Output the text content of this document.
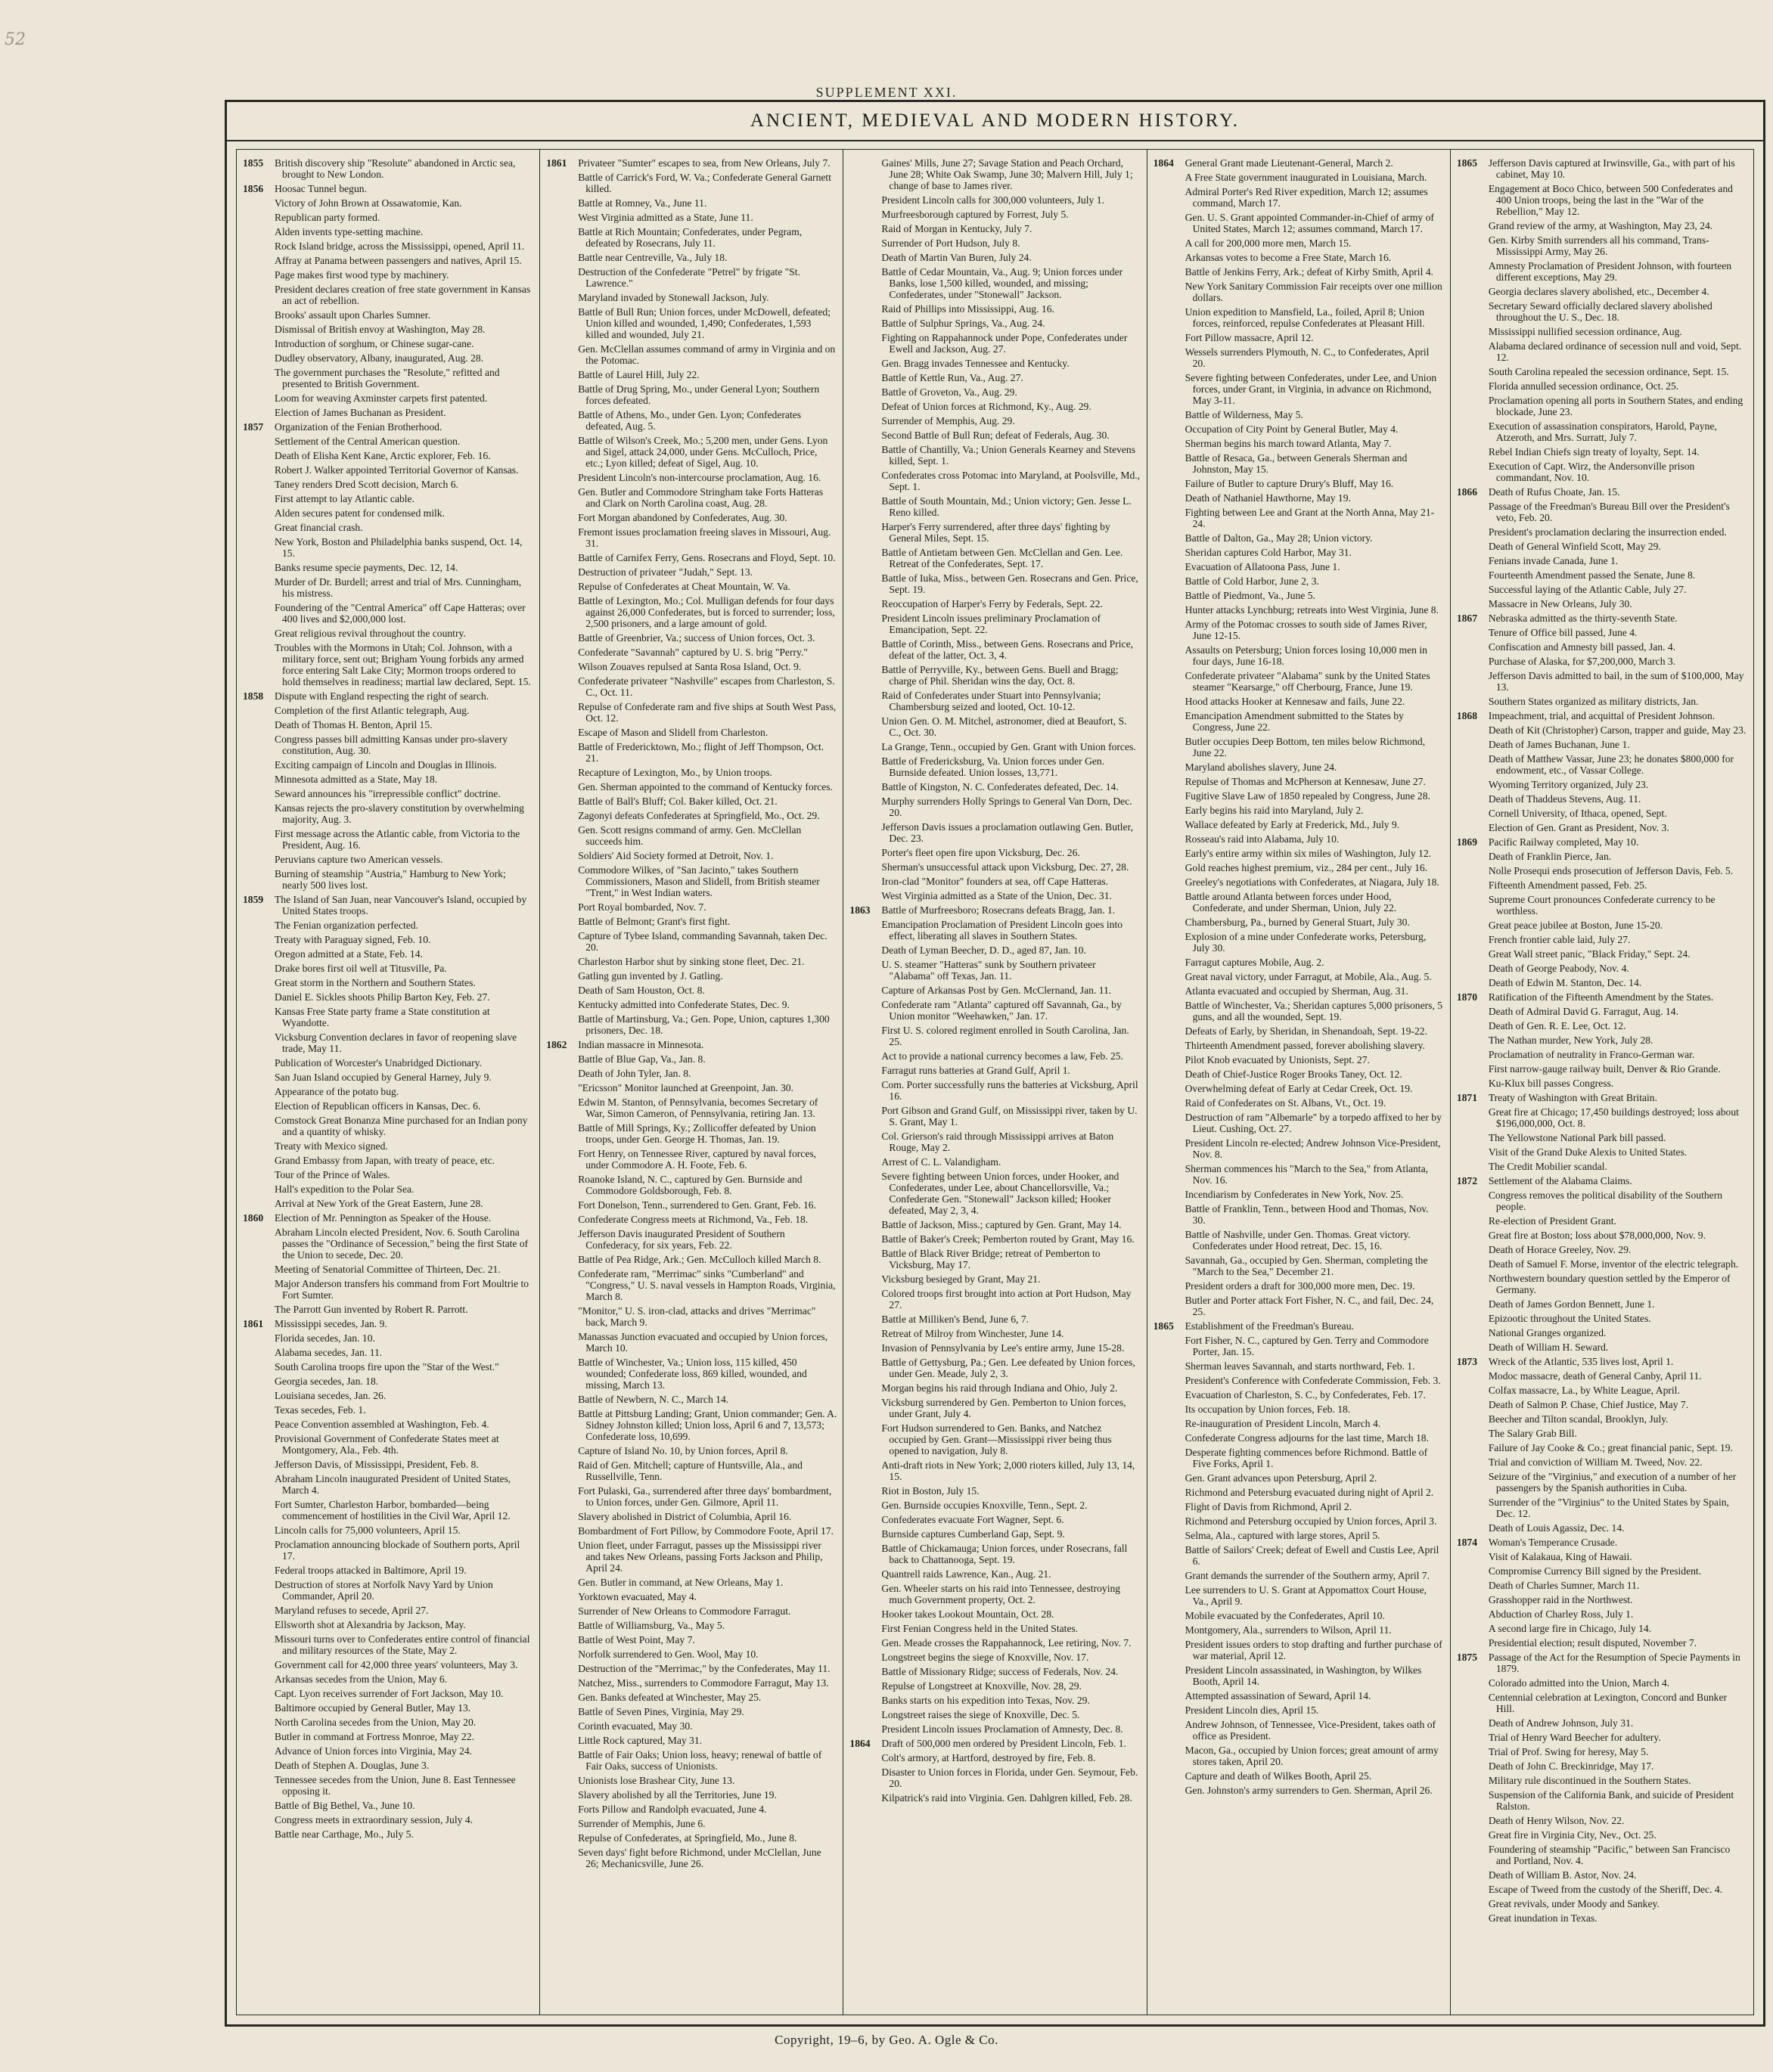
52
SUPPLEMENT XXI.
ANCIENT, MEDIEVAL AND MODERN HISTORY.
1855	British discovery ship "Resolute" abandoned in Arctic sea, brought to New London.
1856	Hoosac Tunnel begun.
Victory of John Brown at Ossawatomie, Kan.
Republican party formed.
Alden invents type-setting machine.
Rock Island bridge, across the Mississippi, opened, April 11.
Affray at Panama between passengers and natives, April 15.
Page makes first wood type by machinery.
President declares creation of free state government in Kansas an act of rebellion.
Brooks' assault upon Charles Sumner.
Dismissal of British envoy at Washington, May 28.
Introduction of sorghum, or Chinese sugar-cane.
Dudley observatory, Albany, inaugurated, Aug. 28.
The government purchases the "Resolute," refitted and presented to British Government.
Loom for weaving Axminster carpets first patented.
Election of James Buchanan as President.
1857	Organization of the Fenian Brotherhood.
Settlement of the Central American question.
Death of Elisha Kent Kane, Arctic explorer, Feb. 16.
Robert J. Walker appointed Territorial Governor of Kansas.
Taney renders Dred Scott decision, March 6.
First attempt to lay Atlantic cable.
Alden secures patent for condensed milk.
Great financial crash.
New York, Boston and Philadelphia banks suspend, Oct. 14, 15.
Banks resume specie payments, Dec. 12, 14.
Murder of Dr. Burdell; arrest and trial of Mrs. Cunningham, his mistress.
Foundering of the "Central America" off Cape Hatteras; over 400 lives and $2,000,000 lost.
Great religious revival throughout the country.
Troubles with the Mormons in Utah; Col. Johnson, with a military force, sent out; Brigham Young forbids any armed force entering Salt Lake City; Mormon troops ordered to hold themselves in readiness; martial law declared, Sept. 15.
1858	Dispute with England respecting the right of search.
Completion of the first Atlantic telegraph, Aug.
Death of Thomas H. Benton, April 15.
Congress passes bill admitting Kansas under pro-slavery constitution, Aug. 30.
Exciting campaign of Lincoln and Douglas in Illinois.
Minnesota admitted as a State, May 18.
Seward announces his "irrepressible conflict" doctrine.
Kansas rejects the pro-slavery constitution by overwhelming majority, Aug. 3.
First message across the Atlantic cable, from Victoria to the President, Aug. 16.
Peruvians capture two American vessels.
Burning of steamship "Austria," Hamburg to New York; nearly 500 lives lost.
1859	The Island of San Juan, near Vancouver's Island, occupied by United States troops.
The Fenian organization perfected.
Treaty with Paraguay signed, Feb. 10.
Oregon admitted at a State, Feb. 14.
Drake bores first oil well at Titusville, Pa.
Great storm in the Northern and Southern States.
Daniel E. Sickles shoots Philip Barton Key, Feb. 27.
Kansas Free State party frame a State constitution at Wyandotte.
Vicksburg Convention declares in favor of reopening slave trade, May 11.
Publication of Worcester's Unabridged Dictionary.
San Juan Island occupied by General Harney, July 9.
Appearance of the potato bug.
Election of Republican officers in Kansas, Dec. 6.
Comstock Great Bonanza Mine purchased for an Indian pony and a quantity of whisky.
Treaty with Mexico signed.
Grand Embassy from Japan, with treaty of peace, etc.
Tour of the Prince of Wales.
Hall's expedition to the Polar Sea.
Arrival at New York of the Great Eastern, June 28.
1860	Election of Mr. Pennington as Speaker of the House.
Abraham Lincoln elected President, Nov. 6. South Carolina passes the "Ordinance of Secession," being the first State of the Union to secede, Dec. 20.
Meeting of Senatorial Committee of Thirteen, Dec. 21.
Major Anderson transfers his command from Fort Moultrie to Fort Sumter.
The Parrott Gun invented by Robert R. Parrott.
1861	Mississippi secedes, Jan. 9.
Florida secedes, Jan. 10.
Alabama secedes, Jan. 11.
South Carolina troops fire upon the "Star of the West."
Georgia secedes, Jan. 18.
Louisiana secedes, Jan. 26.
Texas secedes, Feb. 1.
Peace Convention assembled at Washington, Feb. 4.
Provisional Government of Confederate States meet at Montgomery, Ala., Feb. 4th.
Jefferson Davis, of Mississippi, President, Feb. 8.
Abraham Lincoln inaugurated President of United States, March 4.
Fort Sumter, Charleston Harbor, bombarded—being commencement of hostilities in the Civil War, April 12.
Lincoln calls for 75,000 volunteers, April 15.
Proclamation announcing blockade of Southern ports, April 17.
Federal troops attacked in Baltimore, April 19.
Destruction of stores at Norfolk Navy Yard by Union Commander, April 20.
Maryland refuses to secede, April 27.
Ellsworth shot at Alexandria by Jackson, May.
Missouri turns over to Confederates entire control of financial and military resources of the State, May 2.
Government call for 42,000 three years' volunteers, May 3.
Arkansas secedes from the Union, May 6.
Capt. Lyon receives surrender of Fort Jackson, May 10.
Baltimore occupied by General Butler, May 13.
North Carolina secedes from the Union, May 20.
Butler in command at Fortress Monroe, May 22.
Advance of Union forces into Virginia, May 24.
Death of Stephen A. Douglas, June 3.
Tennessee secedes from the Union, June 8. East Tennessee opposing it.
Battle of Big Bethel, Va., June 10.
Congress meets in extraordinary session, July 4.
Battle near Carthage, Mo., July 5.
1861	Privateer "Sumter" escapes to sea, from New Orleans, July 7.
Battle of Carrick's Ford, W. Va.; Confederate General Garnett killed.
Battle at Romney, Va., June 11.
West Virginia admitted as a State, June 11.
Battle at Rich Mountain; Confederates, under Pegram, defeated by Rosecrans, July 11.
Battle near Centreville, Va., July 18.
Destruction of the Confederate "Petrel" by frigate "St. Lawrence."
Maryland invaded by Stonewall Jackson, July.
Battle of Bull Run; Union forces, under McDowell, defeated; Union killed and wounded, 1,490; Confederates, 1,593 killed and wounded, July 21.
Gen. McClellan assumes command of army in Virginia and on the Potomac.
Battle of Laurel Hill, July 22.
Battle of Drug Spring, Mo., under General Lyon; Southern forces defeated.
Battle of Athens, Mo., under Gen. Lyon; Confederates defeated, Aug. 5.
Battle of Wilson's Creek, Mo.; 5,200 men, under Gens. Lyon and Sigel, attack 24,000, under Gens. McCulloch, Price, etc.; Lyon killed; defeat of Sigel, Aug. 10.
President Lincoln's non-intercourse proclamation, Aug. 16.
Gen. Butler and Commodore Stringham take Forts Hatteras and Clark on North Carolina coast, Aug. 28.
Fort Morgan abandoned by Confederates, Aug. 30.
Fremont issues proclamation freeing slaves in Missouri, Aug. 31.
Battle of Carnifex Ferry, Gens. Rosecrans and Floyd, Sept. 10.
Destruction of privateer "Judah," Sept. 13.
Repulse of Confederates at Cheat Mountain, W. Va.
Battle of Lexington, Mo.; Col. Mulligan defends for four days against 26,000 Confederates, but is forced to surrender; loss, 2,500 prisoners, and a large amount of gold.
Battle of Greenbrier, Va.; success of Union forces, Oct. 3.
Confederate "Savannah" captured by U. S. brig "Perry."
Wilson Zouaves repulsed at Santa Rosa Island, Oct. 9.
Confederate privateer "Nashville" escapes from Charleston, S. C., Oct. 11.
Repulse of Confederate ram and five ships at South West Pass, Oct. 12.
Escape of Mason and Slidell from Charleston.
Battle of Fredericktown, Mo.; flight of Jeff Thompson, Oct. 21.
Recapture of Lexington, Mo., by Union troops.
Gen. Sherman appointed to the command of Kentucky forces.
Battle of Ball's Bluff; Col. Baker killed, Oct. 21.
Zagonyi defeats Confederates at Springfield, Mo., Oct. 29.
Gen. Scott resigns command of army. Gen. McClellan succeeds him.
Soldiers' Aid Society formed at Detroit, Nov. 1.
Commodore Wilkes, of "San Jacinto," takes Southern Commissioners, Mason and Slidell, from British steamer "Trent," in West Indian waters.
Port Royal bombarded, Nov. 7.
Battle of Belmont; Grant's first fight.
Capture of Tybee Island, commanding Savannah, taken Dec. 20.
Charleston Harbor shut by sinking stone fleet, Dec. 21.
Gatling gun invented by J. Gatling.
Death of Sam Houston, Oct. 8.
Kentucky admitted into Confederate States, Dec. 9.
Battle of Martinsburg, Va.; Gen. Pope, Union, captures 1,300 prisoners, Dec. 18.
1862	Indian massacre in Minnesota.
Battle of Blue Gap, Va., Jan. 8.
Death of John Tyler, Jan. 8.
"Ericsson" Monitor launched at Greenpoint, Jan. 30.
Edwin M. Stanton, of Pennsylvania, becomes Secretary of War, Simon Cameron, of Pennsylvania, retiring Jan. 13.
Battle of Mill Springs, Ky.; Zollicoffer defeated by Union troops, under Gen. George H. Thomas, Jan. 19.
Fort Henry, on Tennessee River, captured by naval forces, under Commodore A. H. Foote, Feb. 6.
Roanoke Island, N. C., captured by Gen. Burnside and Commodore Goldsborough, Feb. 8.
Fort Donelson, Tenn., surrendered to Gen. Grant, Feb. 16.
Confederate Congress meets at Richmond, Va., Feb. 18.
Jefferson Davis inaugurated President of Southern Confederacy, for six years, Feb. 22.
Battle of Pea Ridge, Ark.; Gen. McCulloch killed March 8.
Confederate ram, "Merrimac" sinks "Cumberland" and "Congress," U. S. naval vessels in Hampton Roads, Virginia, March 8.
"Monitor," U. S. iron-clad, attacks and drives "Merrimac" back, March 9.
Manassas Junction evacuated and occupied by Union forces, March 10.
Battle of Winchester, Va.; Union loss, 115 killed, 450 wounded; Confederate loss, 869 killed, wounded, and missing, March 13.
Battle of Newbern, N. C., March 14.
Battle at Pittsburg Landing; Grant, Union commander; Gen. A. Sidney Johnston killed; Union loss, April 6 and 7, 13,573; Confederate loss, 10,699.
Capture of Island No. 10, by Union forces, April 8.
Raid of Gen. Mitchell; capture of Huntsville, Ala., and Russellville, Tenn.
Fort Pulaski, Ga., surrendered after three days' bombardment, to Union forces, under Gen. Gilmore, April 11.
Slavery abolished in District of Columbia, April 16.
Bombardment of Fort Pillow, by Commodore Foote, April 17.
Union fleet, under Farragut, passes up the Mississippi river and takes New Orleans, passing Forts Jackson and Philip, April 24.
Gen. Butler in command, at New Orleans, May 1.
Yorktown evacuated, May 4.
Surrender of New Orleans to Commodore Farragut.
Battle of Williamsburg, Va., May 5.
Battle of West Point, May 7.
Norfolk surrendered to Gen. Wool, May 10.
Destruction of the "Merrimac," by the Confederates, May 11.
Natchez, Miss., surrenders to Commodore Farragut, May 13.
Gen. Banks defeated at Winchester, May 25.
Battle of Seven Pines, Virginia, May 29.
Corinth evacuated, May 30.
Little Rock captured, May 31.
Battle of Fair Oaks; Union loss, heavy; renewal of battle of Fair Oaks, success of Unionists.
Unionists lose Brashear City, June 13.
Slavery abolished by all the Territories, June 19.
Forts Pillow and Randolph evacuated, June 4.
Surrender of Memphis, June 6.
Repulse of Confederates, at Springfield, Mo., June 8.
Seven days' fight before Richmond, under McClellan, June 26; Mechanicsville, June 26.
Gaines' Mills, June 27; Savage Station and Peach Orchard, June 28; White Oak Swamp, June 30; Malvern Hill, July 1; change of base to James river.
President Lincoln calls for 300,000 volunteers, July 1.
Murfreesborough captured by Forrest, July 5.
Raid of Morgan in Kentucky, July 7.
Surrender of Port Hudson, July 8.
Death of Martin Van Buren, July 24.
Battle of Cedar Mountain, Va., Aug. 9; Union forces under Banks, lose 1,500 killed, wounded, and missing; Confederates, under "Stonewall" Jackson.
Raid of Phillips into Mississippi, Aug. 16.
Battle of Sulphur Springs, Va., Aug. 24.
Fighting on Rappahannock under Pope, Confederates under Ewell and Jackson, Aug. 27.
Gen. Bragg invades Tennessee and Kentucky.
Battle of Kettle Run, Va., Aug. 27.
Battle of Groveton, Va., Aug. 29.
Defeat of Union forces at Richmond, Ky., Aug. 29.
Surrender of Memphis, Aug. 29.
Second Battle of Bull Run; defeat of Federals, Aug. 30.
Battle of Chantilly, Va.; Union Generals Kearney and Stevens killed, Sept. 1.
Confederates cross Potomac into Maryland, at Poolsville, Md., Sept. 1.
Battle of South Mountain, Md.; Union victory; Gen. Jesse L. Reno killed.
Harper's Ferry surrendered, after three days' fighting by General Miles, Sept. 15.
Battle of Antietam between Gen. McClellan and Gen. Lee. Retreat of the Confederates, Sept. 17.
Battle of Iuka, Miss., between Gen. Rosecrans and Gen. Price, Sept. 19.
Reoccupation of Harper's Ferry by Federals, Sept. 22.
President Lincoln issues preliminary Proclamation of Emancipation, Sept. 22.
Battle of Corinth, Miss., between Gens. Rosecrans and Price, defeat of the latter, Oct. 3, 4.
Battle of Perryville, Ky., between Gens. Buell and Bragg; charge of Phil. Sheridan wins the day, Oct. 8.
Raid of Confederates under Stuart into Pennsylvania; Chambersburg seized and looted, Oct. 10-12.
Union Gen. O. M. Mitchel, astronomer, died at Beaufort, S. C., Oct. 30.
La Grange, Tenn., occupied by Gen. Grant with Union forces.
Battle of Fredericksburg, Va. Union forces under Gen. Burnside defeated. Union losses, 13,771.
Battle of Kingston, N. C. Confederates defeated, Dec. 14.
Murphy surrenders Holly Springs to General Van Dorn, Dec. 20.
Jefferson Davis issues a proclamation outlawing Gen. Butler, Dec. 23.
Porter's fleet open fire upon Vicksburg, Dec. 26.
Sherman's unsuccessful attack upon Vicksburg, Dec. 27, 28.
Iron-clad "Monitor" founders at sea, off Cape Hatteras.
West Virginia admitted as a State of the Union, Dec. 31.
1863	Battle of Murfreesboro; Rosecrans defeats Bragg, Jan. 1.
Emancipation Proclamation of President Lincoln goes into effect, liberating all slaves in Southern States.
Death of Lyman Beecher, D. D., aged 87, Jan. 10.
U. S. steamer "Hatteras" sunk by Southern privateer "Alabama" off Texas, Jan. 11.
Capture of Arkansas Post by Gen. McClernand, Jan. 11.
Confederate ram "Atlanta" captured off Savannah, Ga., by Union monitor "Weehawken," Jan. 17.
First U. S. colored regiment enrolled in South Carolina, Jan. 25.
Act to provide a national currency becomes a law, Feb. 25.
Farragut runs batteries at Grand Gulf, April 1.
Com. Porter successfully runs the batteries at Vicksburg, April 16.
Port Gibson and Grand Gulf, on Mississippi river, taken by U. S. Grant, May 1.
Col. Grierson's raid through Mississippi arrives at Baton Rouge, May 2.
Arrest of C. L. Valandigham.
Severe fighting between Union forces, under Hooker, and Confederates, under Lee, about Chancellorsville, Va.; Confederate Gen. "Stonewall" Jackson killed; Hooker defeated, May 2, 3, 4.
Battle of Jackson, Miss.; captured by Gen. Grant, May 14.
Battle of Baker's Creek; Pemberton routed by Grant, May 16.
Battle of Black River Bridge; retreat of Pemberton to Vicksburg, May 17.
Vicksburg besieged by Grant, May 21.
Colored troops first brought into action at Port Hudson, May 27.
Battle at Milliken's Bend, June 6, 7.
Retreat of Milroy from Winchester, June 14.
Invasion of Pennsylvania by Lee's entire army, June 15-28.
Battle of Gettysburg, Pa.; Gen. Lee defeated by Union forces, under Gen. Meade, July 2, 3.
Morgan begins his raid through Indiana and Ohio, July 2.
Vicksburg surrendered by Gen. Pemberton to Union forces, under Grant, July 4.
Fort Hudson surrendered to Gen. Banks, and Natchez occupied by Gen. Grant—Mississippi river being thus opened to navigation, July 8.
Anti-draft riots in New York; 2,000 rioters killed, July 13, 14, 15.
Riot in Boston, July 15.
Gen. Burnside occupies Knoxville, Tenn., Sept. 2.
Confederates evacuate Fort Wagner, Sept. 6.
Burnside captures Cumberland Gap, Sept. 9.
Battle of Chickamauga; Union forces, under Rosecrans, fall back to Chattanooga, Sept. 19.
Quantrell raids Lawrence, Kan., Aug. 21.
Gen. Wheeler starts on his raid into Tennessee, destroying much Government property, Oct. 2.
Hooker takes Lookout Mountain, Oct. 28.
First Fenian Congress held in the United States.
Gen. Meade crosses the Rappahannock, Lee retiring, Nov. 7.
Longstreet begins the siege of Knoxville, Nov. 17.
Battle of Missionary Ridge; success of Federals, Nov. 24.
Repulse of Longstreet at Knoxville, Nov. 28, 29.
Banks starts on his expedition into Texas, Nov. 29.
Longstreet raises the siege of Knoxville, Dec. 5.
President Lincoln issues Proclamation of Amnesty, Dec. 8.
1864	Draft of 500,000 men ordered by President Lincoln, Feb. 1.
Colt's armory, at Hartford, destroyed by fire, Feb. 8.
Disaster to Union forces in Florida, under Gen. Seymour, Feb. 20.
Kilpatrick's raid into Virginia. Gen. Dahlgren killed, Feb. 28.
1864	General Grant made Lieutenant-General, March 2.
A Free State government inaugurated in Louisiana, March.
Admiral Porter's Red River expedition, March 12; assumes command, March 17.
Gen. U. S. Grant appointed Commander-in-Chief of army of United States, March 12; assumes command, March 17.
A call for 200,000 more men, March 15.
Arkansas votes to become a Free State, March 16.
Battle of Jenkins Ferry, Ark.; defeat of Kirby Smith, April 4.
New York Sanitary Commission Fair receipts over one million dollars.
Union expedition to Mansfield, La., foiled, April 8; Union forces, reinforced, repulse Confederates at Pleasant Hill.
Fort Pillow massacre, April 12.
Wessels surrenders Plymouth, N. C., to Confederates, April 20.
Severe fighting between Confederates, under Lee, and Union forces, under Grant, in Virginia, in advance on Richmond, May 3-11.
Battle of Wilderness, May 5.
Occupation of City Point by General Butler, May 4.
Sherman begins his march toward Atlanta, May 7.
Battle of Resaca, Ga., between Generals Sherman and Johnston, May 15.
Failure of Butler to capture Drury's Bluff, May 16.
Death of Nathaniel Hawthorne, May 19.
Fighting between Lee and Grant at the North Anna, May 21-24.
Battle of Dalton, Ga., May 28; Union victory.
Sheridan captures Cold Harbor, May 31.
Evacuation of Allatoona Pass, June 1.
Battle of Cold Harbor, June 2, 3.
Battle of Piedmont, Va., June 5.
Hunter attacks Lynchburg; retreats into West Virginia, June 8.
Army of the Potomac crosses to south side of James River, June 12-15.
Assaults on Petersburg; Union forces losing 10,000 men in four days, June 16-18.
Confederate privateer "Alabama" sunk by the United States steamer "Kearsarge," off Cherbourg, France, June 19.
Hood attacks Hooker at Kennesaw and fails, June 22.
Emancipation Amendment submitted to the States by Congress, June 22.
Butler occupies Deep Bottom, ten miles below Richmond, June 22.
Maryland abolishes slavery, June 24.
Repulse of Thomas and McPherson at Kennesaw, June 27.
Fugitive Slave Law of 1850 repealed by Congress, June 28.
Early begins his raid into Maryland, July 2.
Wallace defeated by Early at Frederick, Md., July 9.
Rosseau's raid into Alabama, July 10.
Early's entire army within six miles of Washington, July 12.
Gold reaches highest premium, viz., 284 per cent., July 16.
Greeley's negotiations with Confederates, at Niagara, July 18.
Battle around Atlanta between forces under Hood, Confederate, and under Sherman, Union, July 22.
Chambersburg, Pa., burned by General Stuart, July 30.
Explosion of a mine under Confederate works, Petersburg, July 30.
Farragut captures Mobile, Aug. 2.
Great naval victory, under Farragut, at Mobile, Ala., Aug. 5.
Atlanta evacuated and occupied by Sherman, Aug. 31.
Battle of Winchester, Va.; Sheridan captures 5,000 prisoners, 5 guns, and all the wounded, Sept. 19.
Defeats of Early, by Sheridan, in Shenandoah, Sept. 19-22.
Thirteenth Amendment passed, forever abolishing slavery.
Pilot Knob evacuated by Unionists, Sept. 27.
Death of Chief-Justice Roger Brooks Taney, Oct. 12.
Overwhelming defeat of Early at Cedar Creek, Oct. 19.
Raid of Confederates on St. Albans, Vt., Oct. 19.
Destruction of ram "Albemarle" by a torpedo affixed to her by Lieut. Cushing, Oct. 27.
President Lincoln re-elected; Andrew Johnson Vice-President, Nov. 8.
Sherman commences his "March to the Sea," from Atlanta, Nov. 16.
Incendiarism by Confederates in New York, Nov. 25.
Battle of Franklin, Tenn., between Hood and Thomas, Nov. 30.
Battle of Nashville, under Gen. Thomas. Great victory. Confederates under Hood retreat, Dec. 15, 16.
Savannah, Ga., occupied by Gen. Sherman, completing the "March to the Sea," December 21.
President orders a draft for 300,000 more men, Dec. 19.
Butler and Porter attack Fort Fisher, N. C., and fail, Dec. 24, 25.
1865	Establishment of the Freedman's Bureau.
Fort Fisher, N. C., captured by Gen. Terry and Commodore Porter, Jan. 15.
Sherman leaves Savannah, and starts northward, Feb. 1.
President's Conference with Confederate Commission, Feb. 3.
Evacuation of Charleston, S. C., by Confederates, Feb. 17.
Its occupation by Union forces, Feb. 18.
Re-inauguration of President Lincoln, March 4.
Confederate Congress adjourns for the last time, March 18.
Desperate fighting commences before Richmond. Battle of Five Forks, April 1.
Gen. Grant advances upon Petersburg, April 2.
Richmond and Petersburg evacuated during night of April 2.
Flight of Davis from Richmond, April 2.
Richmond and Petersburg occupied by Union forces, April 3.
Selma, Ala., captured with large stores, April 5.
Battle of Sailors' Creek; defeat of Ewell and Custis Lee, April 6.
Grant demands the surrender of the Southern army, April 7.
Lee surrenders to U. S. Grant at Appomattox Court House, Va., April 9.
Mobile evacuated by the Confederates, April 10.
Montgomery, Ala., surrenders to Wilson, April 11.
President issues orders to stop drafting and further purchase of war material, April 12.
President Lincoln assassinated, in Washington, by Wilkes Booth, April 14.
Attempted assassination of Seward, April 14.
President Lincoln dies, April 15.
Andrew Johnson, of Tennessee, Vice-President, takes oath of office as President.
Macon, Ga., occupied by Union forces; great amount of army stores taken, April 20.
Capture and death of Wilkes Booth, April 25.
Gen. Johnston's army surrenders to Gen. Sherman, April 26.
1865	Jefferson Davis captured at Irwinsville, Ga., with part of his cabinet, May 10.
Engagement at Boco Chico, between 500 Confederates and 400 Union troops, being the last in the "War of the Rebellion," May 12.
Grand review of the army, at Washington, May 23, 24.
Gen. Kirby Smith surrenders all his command, Trans-Mississippi Army, May 26.
Amnesty Proclamation of President Johnson, with fourteen different exceptions, May 29.
Georgia declares slavery abolished, etc., December 4.
Secretary Seward officially declared slavery abolished throughout the U. S., Dec. 18.
Mississippi nullified secession ordinance, Aug.
Alabama declared ordinance of secession null and void, Sept. 12.
South Carolina repealed the secession ordinance, Sept. 15.
Florida annulled secession ordinance, Oct. 25.
Proclamation opening all ports in Southern States, and ending blockade, June 23.
Execution of assassination conspirators, Harold, Payne, Atzeroth, and Mrs. Surratt, July 7.
Rebel Indian Chiefs sign treaty of loyalty, Sept. 14.
Execution of Capt. Wirz, the Andersonville prison commandant, Nov. 10.
1866	Death of Rufus Choate, Jan. 15.
Passage of the Freedman's Bureau Bill over the President's veto, Feb. 20.
President's proclamation declaring the insurrection ended.
Death of General Winfield Scott, May 29.
Fenians invade Canada, June 1.
Fourteenth Amendment passed the Senate, June 8.
Successful laying of the Atlantic Cable, July 27.
Massacre in New Orleans, July 30.
1867	Nebraska admitted as the thirty-seventh State.
Tenure of Office bill passed, June 4.
Confiscation and Amnesty bill passed, Jan. 4.
Purchase of Alaska, for $7,200,000, March 3.
Jefferson Davis admitted to bail, in the sum of $100,000, May 13.
Southern States organized as military districts, Jan.
1868	Impeachment, trial, and acquittal of President Johnson.
Death of Kit (Christopher) Carson, trapper and guide, May 23.
Death of James Buchanan, June 1.
Death of Matthew Vassar, June 23; he donates $800,000 for endowment, etc., of Vassar College.
Wyoming Territory organized, July 23.
Death of Thaddeus Stevens, Aug. 11.
Cornell University, of Ithaca, opened, Sept.
Election of Gen. Grant as President, Nov. 3.
1869	Pacific Railway completed, May 10.
Death of Franklin Pierce, Jan.
Nolle Prosequi ends prosecution of Jefferson Davis, Feb. 5.
Fifteenth Amendment passed, Feb. 25.
Supreme Court pronounces Confederate currency to be worthless.
Great peace jubilee at Boston, June 15-20.
French frontier cable laid, July 27.
Great Wall street panic, "Black Friday," Sept. 24.
Death of George Peabody, Nov. 4.
Death of Edwin M. Stanton, Dec. 14.
1870	Ratification of the Fifteenth Amendment by the States.
Death of Admiral David G. Farragut, Aug. 14.
Death of Gen. R. E. Lee, Oct. 12.
The Nathan murder, New York, July 28.
Proclamation of neutrality in Franco-German war.
First narrow-gauge railway built, Denver & Rio Grande.
Ku-Klux bill passes Congress.
1871	Treaty of Washington with Great Britain.
Great fire at Chicago; 17,450 buildings destroyed; loss about $196,000,000, Oct. 8.
The Yellowstone National Park bill passed.
Visit of the Grand Duke Alexis to United States.
The Credit Mobilier scandal.
1872	Settlement of the Alabama Claims.
Congress removes the political disability of the Southern people.
Re-election of President Grant.
Great fire at Boston; loss about $78,000,000, Nov. 9.
Death of Horace Greeley, Nov. 29.
Death of Samuel F. Morse, inventor of the electric telegraph.
Northwestern boundary question settled by the Emperor of Germany.
Death of James Gordon Bennett, June 1.
Epizootic throughout the United States.
National Granges organized.
Death of William H. Seward.
1873	Wreck of the Atlantic, 535 lives lost, April 1.
Modoc massacre, death of General Canby, April 11.
Colfax massacre, La., by White League, April.
Death of Salmon P. Chase, Chief Justice, May 7.
Beecher and Tilton scandal, Brooklyn, July.
The Salary Grab Bill.
Failure of Jay Cooke & Co.; great financial panic, Sept. 19.
Trial and conviction of William M. Tweed, Nov. 22.
Seizure of the "Virginius," and execution of a number of her passengers by the Spanish authorities in Cuba.
Surrender of the "Virginius" to the United States by Spain, Dec. 12.
Death of Louis Agassiz, Dec. 14.
1874	Woman's Temperance Crusade.
Visit of Kalakaua, King of Hawaii.
Compromise Currency Bill signed by the President.
Death of Charles Sumner, March 11.
Grasshopper raid in the Northwest.
Abduction of Charley Ross, July 1.
A second large fire in Chicago, July 14.
Presidential election; result disputed, November 7.
1875	Passage of the Act for the Resumption of Specie Payments in 1879.
Colorado admitted into the Union, March 4.
Centennial celebration at Lexington, Concord and Bunker Hill.
Death of Andrew Johnson, July 31.
Trial of Henry Ward Beecher for adultery.
Trial of Prof. Swing for heresy, May 5.
Death of John C. Breckinridge, May 17.
Military rule discontinued in the Southern States.
Suspension of the California Bank, and suicide of President Ralston.
Death of Henry Wilson, Nov. 22.
Great fire in Virginia City, Nev., Oct. 25.
Foundering of steamship "Pacific," between San Francisco and Portland, Nov. 4.
Death of William B. Astor, Nov. 24.
Escape of Tweed from the custody of the Sheriff, Dec. 4.
Great revivals, under Moody and Sankey.
Great inundation in Texas.
Copyright, 19–6, by Geo. A. Ogle & Co.
